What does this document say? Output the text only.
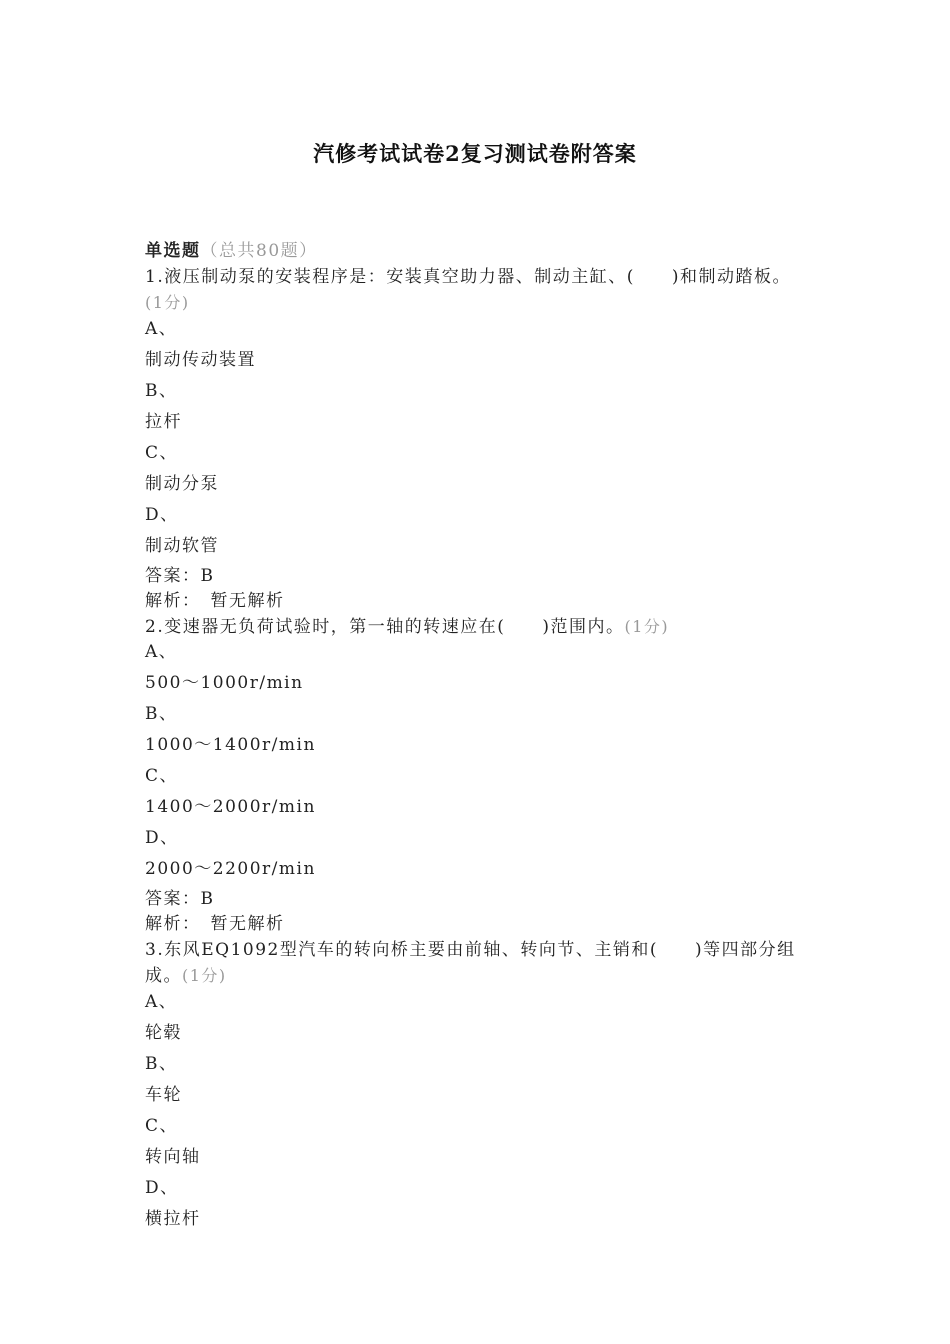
汽修考试试卷2复习测试卷附答案
单选题（总共80题）
1.液压制动泵的安装程序是：安装真空助力器、制动主缸、(　　)和制动踏板。
(1分)
A、
制动传动装置
B、
拉杆
C、
制动分泵
D、
制动软管
答案：B
解析：　暂无解析
2.变速器无负荷试验时，第一轴的转速应在(　　)范围内。(1分)
A、
500～1000r/min
B、
1000～1400r/min
C、
1400～2000r/min
D、
2000～2200r/min
答案：B
解析：　暂无解析
3.东风EQ1092型汽车的转向桥主要由前轴、转向节、主销和(　　)等四部分组成。(1分)
A、
轮毂
B、
车轮
C、
转向轴
D、
横拉杆
